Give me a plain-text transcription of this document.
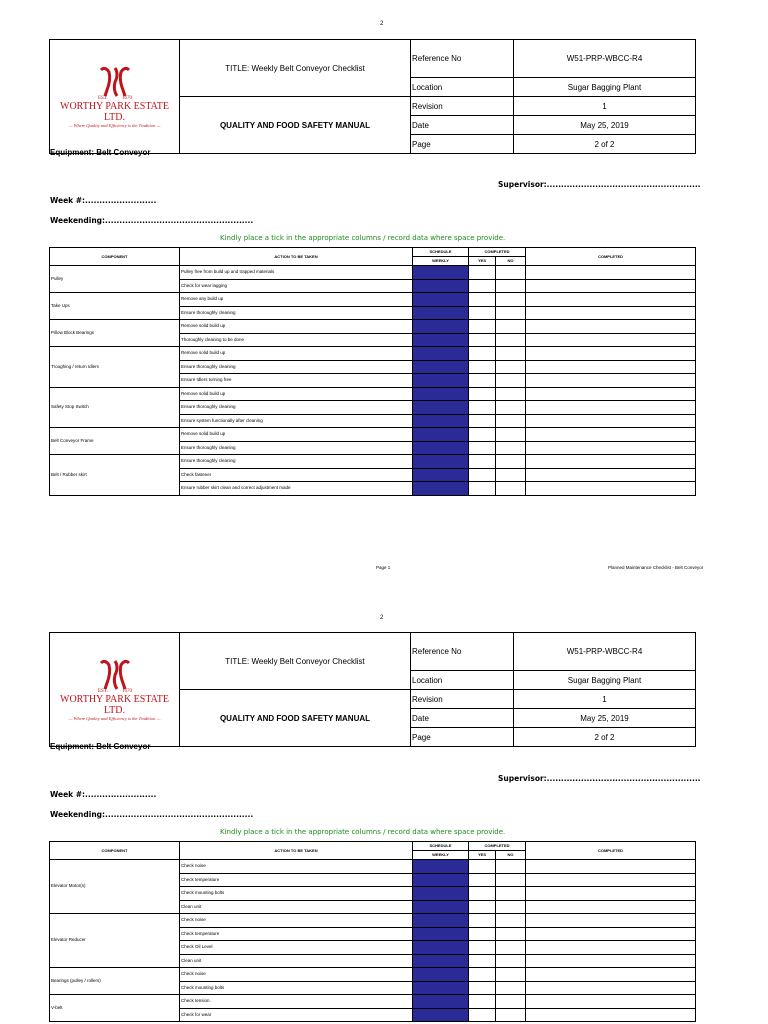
2
EST. 1670
WORTHY PARK ESTATE LTD.
— Where Quality and Efficiency is the Tradition —	TITLE: Weekly Belt Conveyor Checklist	Reference No	W51-PRP-WBCC-R4
		Location	Sugar Bagging Plant
	QUALITY AND FOOD SAFETY MANUAL	Revision	1
		Date	May 25, 2019
		Page	2 of 2
Equipment: Belt Conveyor
Supervisor:......................................................
Week #:.........................
Weekending:....................................................
Kindly place a tick in the appropriate columns / record data where space provide.
COMPONENT	ACTION TO BE TAKEN	SCHEDULE	COMPLETED		COMPLETED
		WEEKLY	YES	NO	
Pulley	Pulley free from build up and trapped materials				
	Check for wear lagging				
Take Ups	Remove any build up				
	Ensure thoroughly cleaning				
Pillow Block Bearings	Remove solid build up				
	Thoroughly cleaning to be done				
Troughing / return Idlers	Remove solid build up				
	Ensure thoroughly cleaning				
	Ensure Idlers turning free				
Safety Stop Switch	Remove solid build up				
	Ensure thoroughly cleaning				
	Ensure system functionally after cleaning				
Belt Conveyor Frame	Remove solid build up				
	Ensure thoroughly cleaning				
Belt / Rubber skirt	Ensure thoroughly cleaning				
	Check fastener				
	Ensure rubber skirt clean and correct adjustment made				
Page 1	Planned Maintenance Checklist - Belt Conveyor
2
EST. 1670
WORTHY PARK ESTATE LTD.
— Where Quality and Efficiency is the Tradition —	TITLE: Weekly Belt Conveyor Checklist	Reference No	W51-PRP-WBCC-R4
		Location	Sugar Bagging Plant
	QUALITY AND FOOD SAFETY MANUAL	Revision	1
		Date	May 25, 2019
		Page	2 of 2
Equipment: Belt Conveyor
Supervisor:......................................................
Week #:.........................
Weekending:....................................................
Kindly place a tick in the appropriate columns / record data where space provide.
COMPONENT	ACTION TO BE TAKEN	SCHEDULE	COMPLETED		COMPLETED
		WEEKLY	YES	NO	
Elevator Motor(s)	Check noise				
	Check temperature				
	Check mounting bolts				
	Clean unit				
Elevator Reducer	Check noise				
	Check temperature				
	Check Oil Level				
	Clean unit				
Bearings (pulley / rollers)	Check noise				
	Check mounting bolts				
V-belt	Check tension.				
	Check for wear				
